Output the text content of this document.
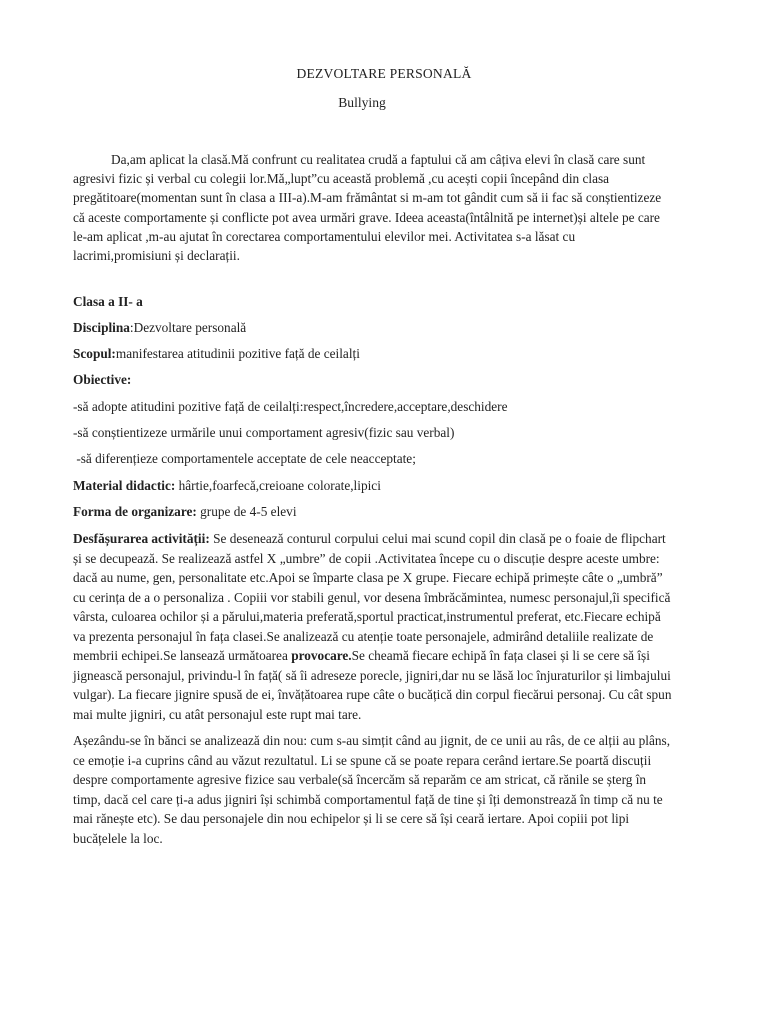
DEZVOLTARE PERSONALĂ
Bullying

Da,am aplicat la clasă.Mă confrunt cu realitatea crudă a faptului că am câțiva elevi în clasă care sunt agresivi fizic și verbal cu colegii lor.Mă„lupt”cu această problemă ,cu acești copii începând din clasa pregătitoare(momentan sunt în clasa a III-a).M-am frământat si m-am tot gândit cum să ii fac să conștientizeze că aceste comportamente și conflicte pot avea urmări grave. Ideea aceasta(întâlnită pe internet)și altele pe care le-am aplicat ,m-au ajutat în corectarea comportamentului elevilor mei. Activitatea s-a lăsat cu lacrimi,promisiuni și declarații.

Clasa a II- a

Disciplina:Dezvoltare personală

Scopul:manifestarea atitudinii pozitive față de ceilalți

Obiective:

-să adopte atitudini pozitive față de ceilalți:respect,încredere,acceptare,deschidere

-să conștientizeze urmările unui comportament agresiv(fizic sau verbal)

-să diferențieze comportamentele acceptate de cele neacceptate;

Material didactic: hârtie,foarfecă,creioane colorate,lipici

Forma de organizare: grupe de 4-5 elevi

Desfășurarea activității: Se desenează conturul corpului celui mai scund copil din clasă pe o foaie de flipchart și se decupează. Se realizează astfel X „umbre” de copii .Activitatea începe cu o discuție despre aceste umbre: dacă au nume, gen, personalitate etc.Apoi se împarte clasa pe X grupe. Fiecare echipă primește câte o „umbră” cu cerința de a o personaliza . Copiii vor stabili genul, vor desena îmbrăcămintea, numesc personajul,îi specifică vârsta, culoarea ochilor și a părului,materia preferată,sportul practicat,instrumentul preferat, etc.Fiecare echipă va prezenta personajul în fața clasei.Se analizează cu atenție toate personajele, admirând detaliile realizate de membrii echipei.Se lansează următoarea provocare.Se cheamă fiecare echipă în fața clasei și li se cere să își jignească personajul, privindu-l în față( să îi adreseze porecle, jigniri,dar nu se lăsă loc înjuraturilor și limbajului vulgar). La fiecare jignire spusă de ei, învățătoarea rupe câte o bucățică din corpul fiecărui personaj. Cu cât spun mai multe jigniri, cu atât personajul este rupt mai tare.

Așezându-se în bănci se analizează din nou: cum s-au simțit când au jignit, de ce unii au râs, de ce alții au plâns, ce emoție i-a cuprins când au văzut rezultatul. Li se spune că se poate repara cerând iertare.Se poartă discuții despre comportamente agresive fizice sau verbale(să încercăm să reparăm ce am stricat, că rănile se șterg în timp, dacă cel care ți-a adus jigniri își schimbă comportamentul față de tine și îți demonstrează în timp că nu te mai rănește etc). Se dau personajele din nou echipelor și li se cere să își ceară iertare. Apoi copiii pot lipi bucățelele la loc.
